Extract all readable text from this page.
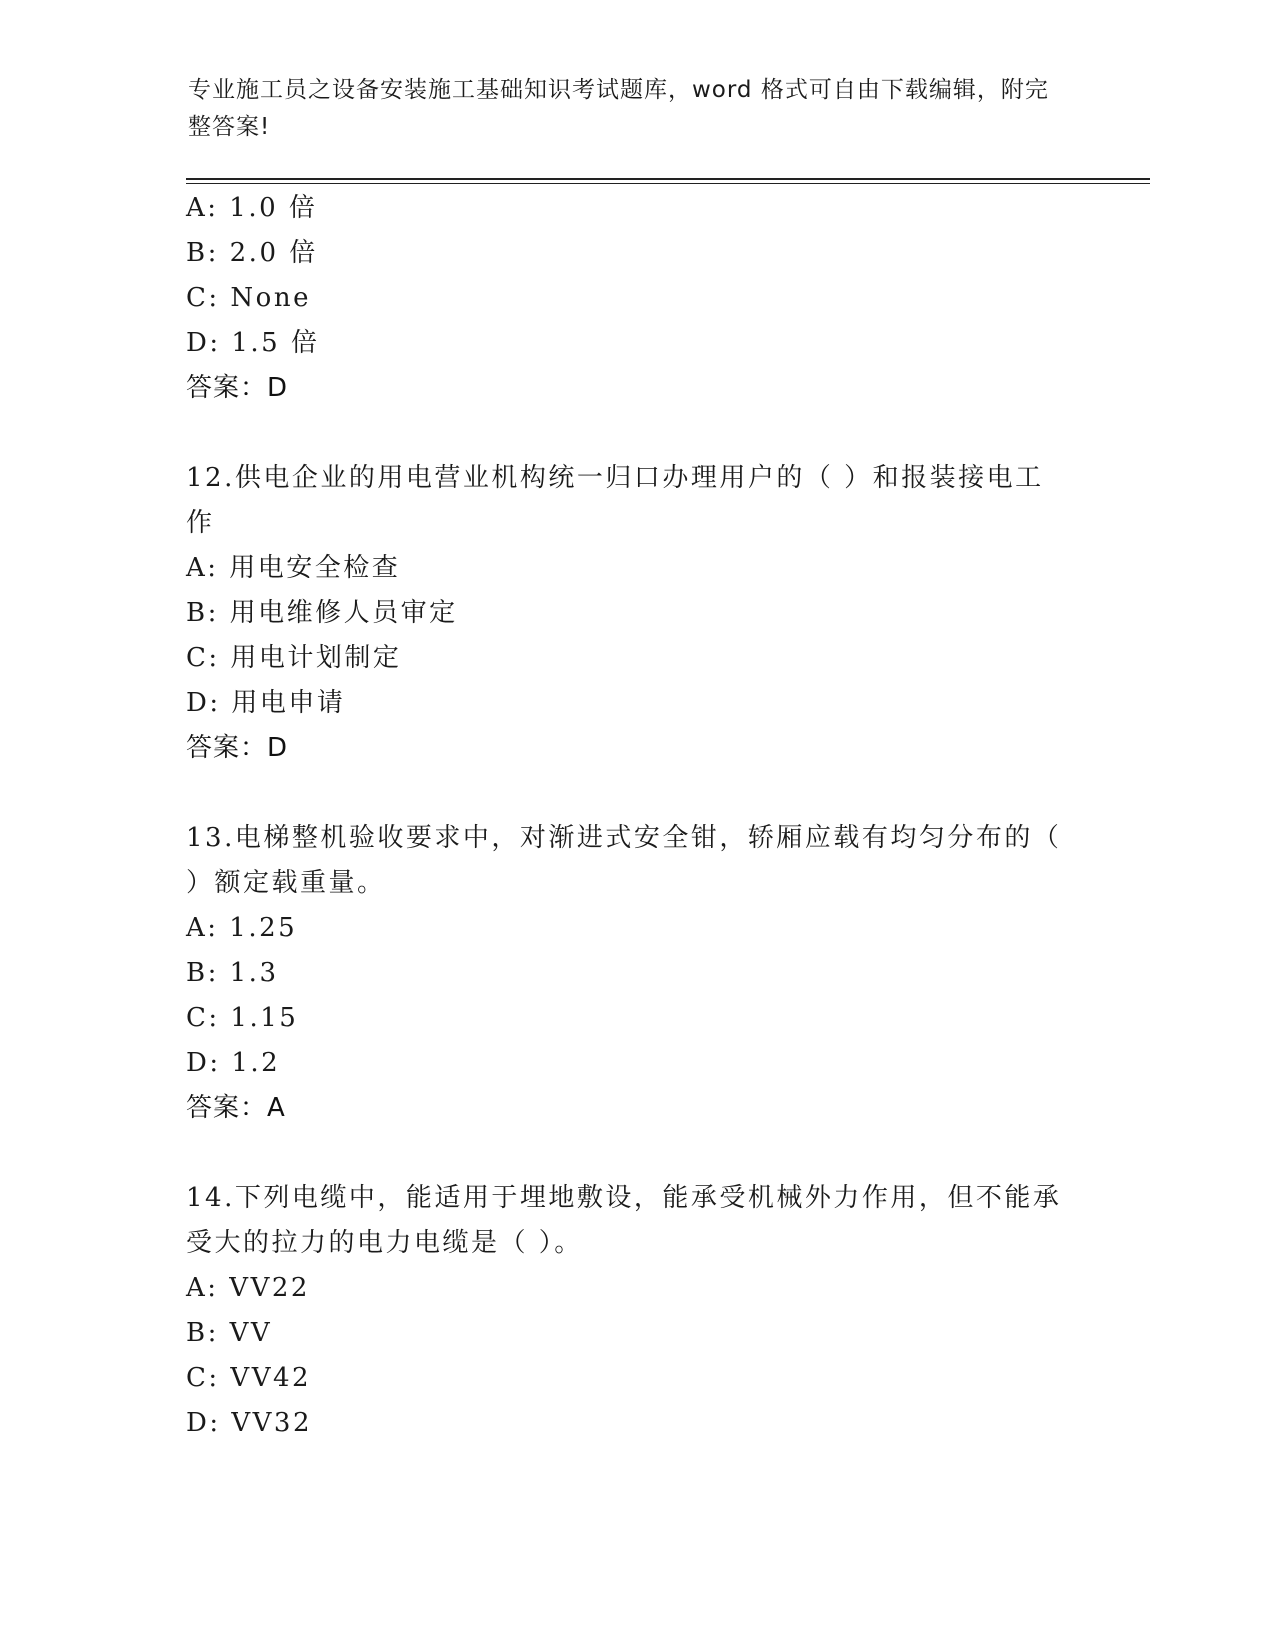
专业施工员之设备安装施工基础知识考试题库，word 格式可自由下载编辑，附完
整答案!
A: 1.0 倍
B: 2.0 倍
C: None
D: 1.5 倍
答案：D
12.供电企业的用电营业机构统一归口办理用户的（ ）和报装接电工
作
A: 用电安全检查
B: 用电维修人员审定
C: 用电计划制定
D: 用电申请
答案：D
13.电梯整机验收要求中，对渐进式安全钳，轿厢应载有均匀分布的（
）额定载重量。
A: 1.25
B: 1.3
C: 1.15
D: 1.2
答案：A
14.下列电缆中，能适用于埋地敷设，能承受机械外力作用，但不能承
受大的拉力的电力电缆是（ ）。
A: VV22
B: VV
C: VV42
D: VV32
